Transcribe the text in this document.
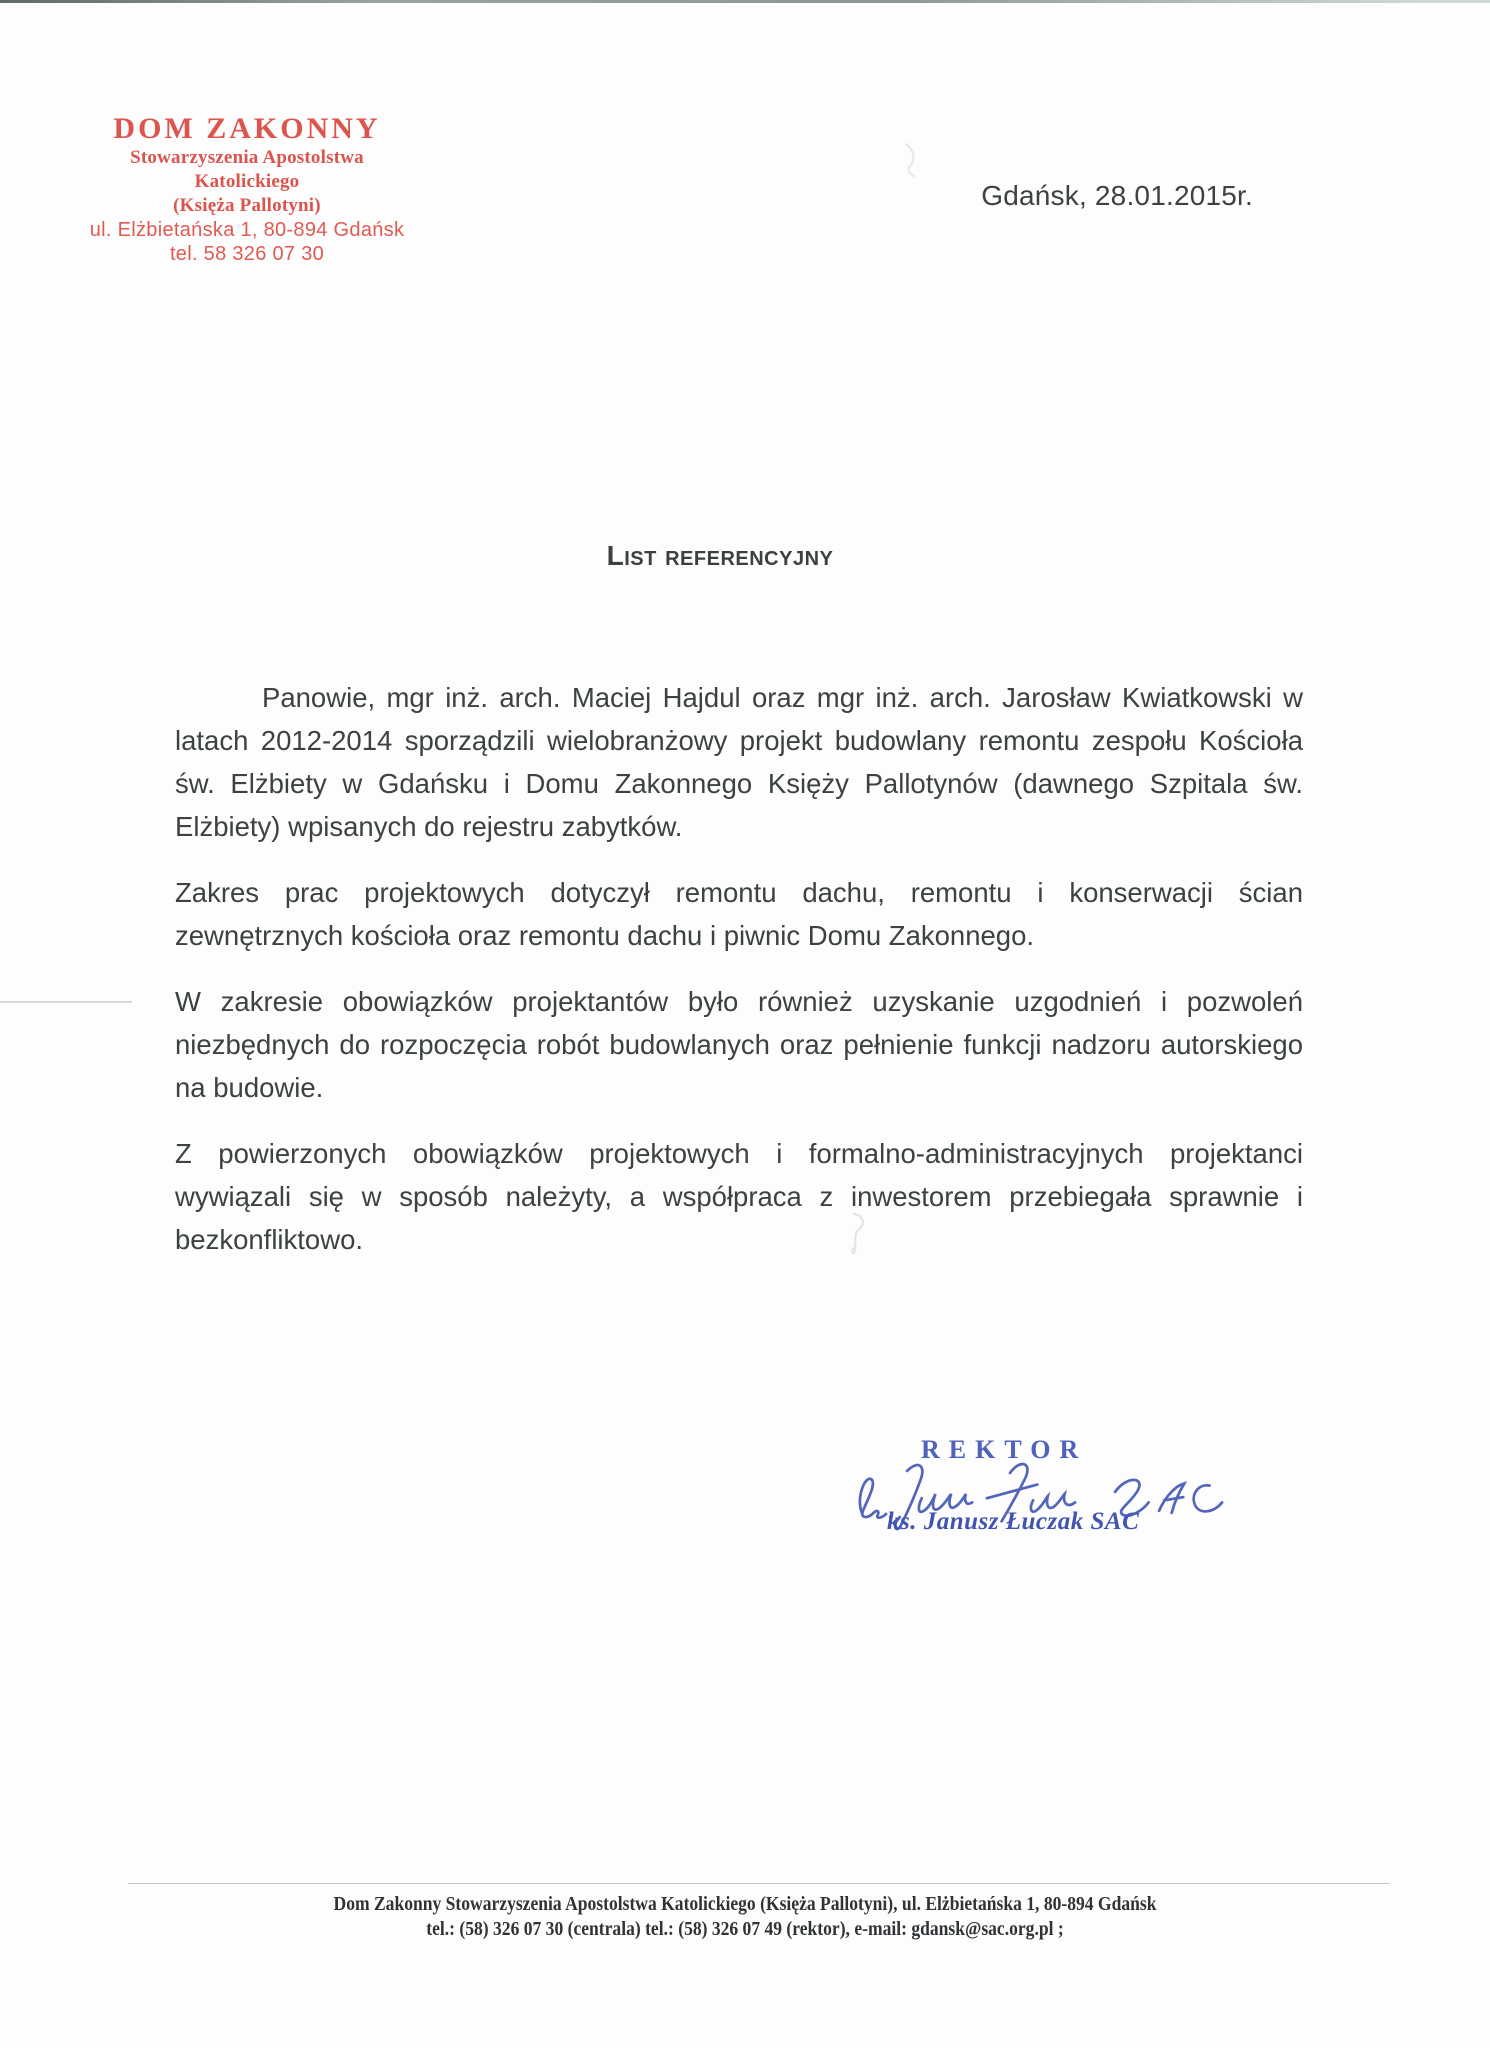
DOM ZAKONNY
Stowarzyszenia Apostolstwa Katolickiego
(Księża Pallotyni)
ul. Elżbietańska 1, 80-894 Gdańsk
tel. 58 326 07 30
Gdańsk, 28.01.2015r.
List referencyjny

Panowie, mgr inż. arch. Maciej Hajdul oraz mgr inż. arch. Jarosław Kwiatkowski w latach 2012-2014 sporządzili wielobranżowy projekt budowlany remontu zespołu Kościoła św. Elżbiety w Gdańsku i Domu Zakonnego Księży Pallotynów (dawnego Szpitala św. Elżbiety) wpisanych do rejestru zabytków.

Zakres prac projektowych dotyczył remontu dachu, remontu i konserwacji ścian zewnętrznych kościoła oraz remontu dachu i piwnic Domu Zakonnego.

W zakresie obowiązków projektantów było również uzyskanie uzgodnień i pozwoleń niezbędnych do rozpoczęcia robót budowlanych oraz pełnienie funkcji nadzoru autorskiego na budowie.

Z powierzonych obowiązków projektowych i formalno-administracyjnych projektanci wywiązali się w sposób należyty, a współpraca z inwestorem przebiegała sprawnie i bezkonfliktowo.

REKTOR
ks. Janusz Łuczak SAC
Dom Zakonny Stowarzyszenia Apostolstwa Katolickiego (Księża Pallotyni), ul. Elżbietańska 1, 80-894 Gdańsk
tel.: (58) 326 07 30 (centrala) tel.: (58) 326 07 49 (rektor), e-mail: gdansk@sac.org.pl ;
